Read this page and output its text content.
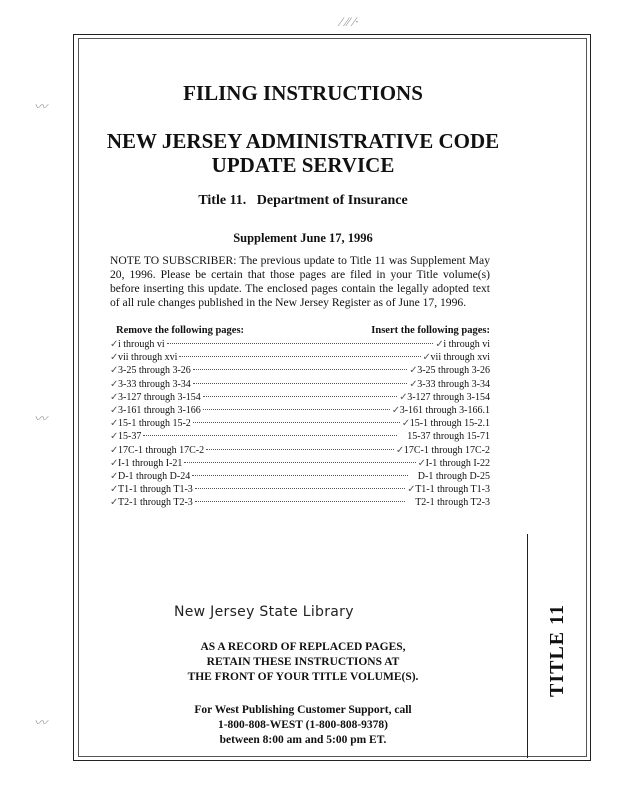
⁄ ⁄∕ ⁄·
〰
〰
〰
TITLE 11
FILING INSTRUCTIONS
NEW JERSEY ADMINISTRATIVE CODE
UPDATE SERVICE
Title 11.   Department of Insurance
Supplement June 17, 1996
NOTE TO SUBSCRIBER: The previous update to Title 11 was Supplement May 20, 1996. Please be certain that those pages are filed in your Title volume(s) before inserting this update. The enclosed pages contain the legally adopted text of all rule changes published in the New Jersey Register as of June 17, 1996.
Remove the following pages:	Insert the following pages:
✓ i through vi	✓ i through vi
✓ vii through xvi	✓ vii through xvi
✓ 3-25 through 3-26	✓ 3-25 through 3-26
✓ 3-33 through 3-34	✓ 3-33 through 3-34
✓ 3-127 through 3-154	✓ 3-127 through 3-154
✓ 3-161 through 3-166	✓ 3-161 through 3-166.1
✓ 15-1 through 15-2	✓ 15-1 through 15-2.1
✓ 15-37	15-37 through 15-71
✓ 17C-1 through 17C-2	✓ 17C-1 through 17C-2
✓ I-1 through I-21	✓ I-1 through I-22
✓ D-1 through D-24	D-1 through D-25
✓ T1-1 through T1-3	✓ T1-1 through T1-3
✓ T2-1 through T2-3	T2-1 through T2-3
New Jersey State Library
AS A RECORD OF REPLACED PAGES,
RETAIN THESE INSTRUCTIONS AT
THE FRONT OF YOUR TITLE VOLUME(S).
For West Publishing Customer Support, call
1-800-808-WEST (1-800-808-9378)
between 8:00 am and 5:00 pm ET.
